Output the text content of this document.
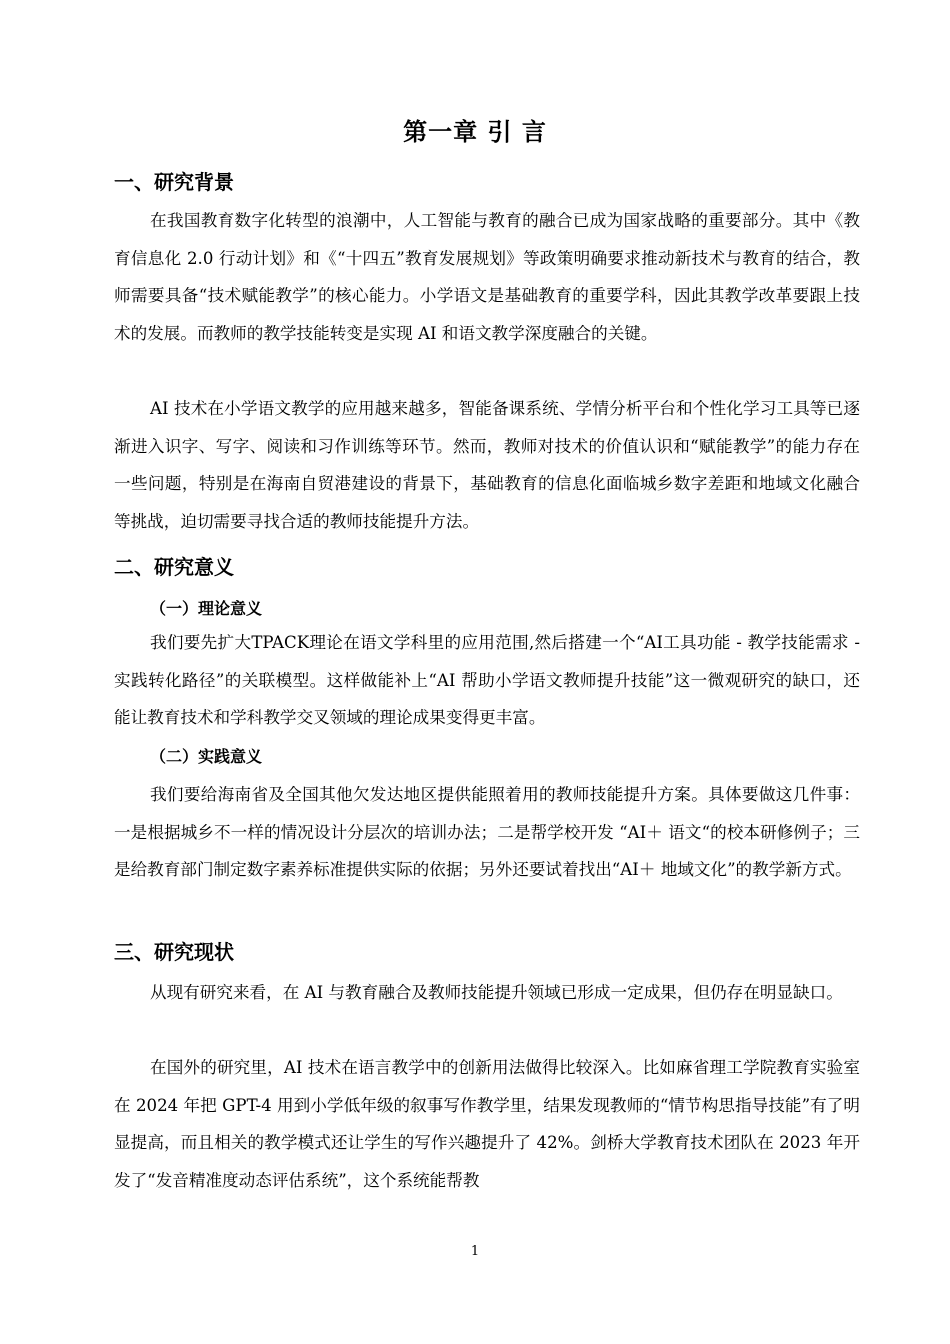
第一章 引 言
一、研究背景

在我国教育数字化转型的浪潮中，人工智能与教育的融合已成为国家战略的重要部分。其中《教育信息化 2.0 行动计划》和《“十四五”教育发展规划》等政策明确要求推动新技术与教育的结合，教师需要具备“技术赋能教学”的核心能力。小学语文是基础教育的重要学科，因此其教学改革要跟上技术的发展。而教师的教学技能转变是实现 AI 和语文教学深度融合的关键。

AI 技术在小学语文教学的应用越来越多，智能备课系统、学情分析平台和个性化学习工具等已逐渐进入识字、写字、阅读和习作训练等环节。然而，教师对技术的价值认识和“赋能教学”的能力存在一些问题，特别是在海南自贸港建设的背景下，基础教育的信息化面临城乡数字差距和地域文化融合等挑战，迫切需要寻找合适的教师技能提升方法。

二、研究意义
（一）理论意义

我们要先扩大TPACK理论在语文学科里的应用范围,然后搭建一个“AI工具功能 - 教学技能需求 - 实践转化路径”的关联模型。这样做能补上“AI 帮助小学语文教师提升技能”这一微观研究的缺口，还能让教育技术和学科教学交叉领域的理论成果变得更丰富。

（二）实践意义

我们要给海南省及全国其他欠发达地区提供能照着用的教师技能提升方案。具体要做这几件事：一是根据城乡不一样的情况设计分层次的培训办法；二是帮学校开发 “AI＋ 语文“的校本研修例子；三是给教育部门制定数字素养标准提供实际的依据；另外还要试着找出“AI＋ 地域文化”的教学新方式。

三、研究现状

从现有研究来看，在 AI 与教育融合及教师技能提升领域已形成一定成果，但仍存在明显缺口。

在国外的研究里，AI 技术在语言教学中的创新用法做得比较深入。比如麻省理工学院教育实验室在 2024 年把 GPT-4 用到小学低年级的叙事写作教学里，结果发现教师的“情节构思指导技能”有了明显提高，而且相关的教学模式还让学生的写作兴趣提升了 42%。剑桥大学教育技术团队在 2023 年开发了“发音精准度动态评估系统”，这个系统能帮教

1
